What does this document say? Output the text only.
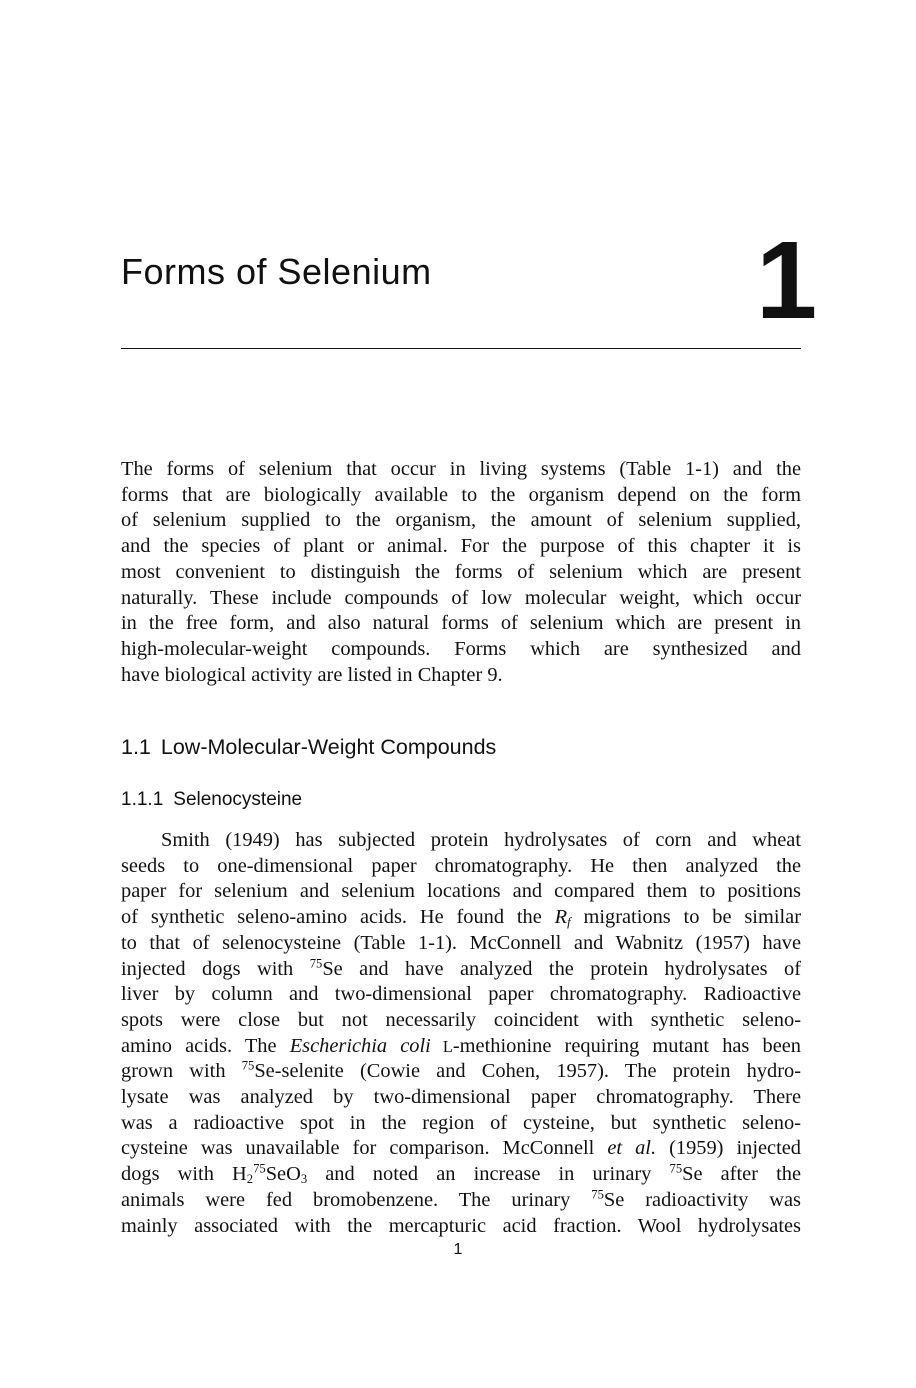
Forms of Selenium	1
The forms of selenium that occur in living systems (Table 1-1) and the
forms that are biologically available to the organism depend on the form
of selenium supplied to the organism, the amount of selenium supplied,
and the species of plant or animal. For the purpose of this chapter it is
most convenient to distinguish the forms of selenium which are present
naturally. These include compounds of low molecular weight, which occur
in the free form, and also natural forms of selenium which are present in
high-molecular-weight compounds. Forms which are synthesized and
have biological activity are listed in Chapter 9.
1.1 Low-Molecular-Weight Compounds
1.1.1 Selenocysteine
Smith (1949) has subjected protein hydrolysates of corn and wheat
seeds to one-dimensional paper chromatography. He then analyzed the
paper for selenium and selenium locations and compared them to positions
of synthetic seleno-amino acids. He found the $R_f$ migrations to be similar
to that of selenocysteine (Table 1-1). McConnell and Wabnitz (1957) have
injected dogs with $^{75}$Se and have analyzed the protein hydrolysates of
liver by column and two-dimensional paper chromatography. Radioactive
spots were close but not necessarily coincident with synthetic seleno-
amino acids. The Escherichia coli L-methionine requiring mutant has been
grown with $^{75}$Se-selenite (Cowie and Cohen, 1957). The protein hydro-
lysate was analyzed by two-dimensional paper chromatography. There
was a radioactive spot in the region of cysteine, but synthetic seleno-
cysteine was unavailable for comparison. McConnell et al. (1959) injected
dogs with $H_2^{75}SeO_3$ and noted an increase in urinary $^{75}$Se after the
animals were fed bromobenzene. The urinary $^{75}$Se radioactivity was
mainly associated with the mercapturic acid fraction. Wool hydrolysates
1
